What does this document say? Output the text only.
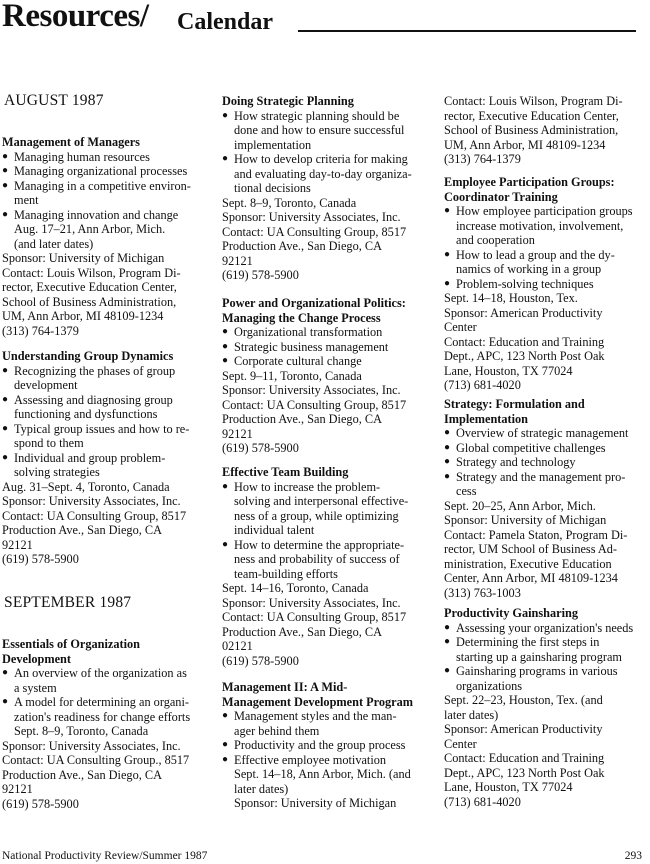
Resources/ Calendar
AUGUST 1987
Management of Managers
● Managing human resources
● Managing organizational processes
● Managing in a competitive environ-
ment
● Managing innovation and change
Aug. 17–21, Ann Arbor, Mich.
(and later dates)
Sponsor: University of Michigan
Contact: Louis Wilson, Program Di-
rector, Executive Education Center,
School of Business Administration,
UM, Ann Arbor, MI 48109-1234
(313) 764-1379
Understanding Group Dynamics
● Recognizing the phases of group
development
● Assessing and diagnosing group
functioning and dysfunctions
● Typical group issues and how to re-
spond to them
● Individual and group problem-
solving strategies
Aug. 31–Sept. 4, Toronto, Canada
Sponsor: University Associates, Inc.
Contact: UA Consulting Group, 8517
Production Ave., San Diego, CA
92121
(619) 578-5900
SEPTEMBER 1987
Essentials of Organization
Development
● An overview of the organization as
a system
● A model for determining an organi-
zation's readiness for change efforts
Sept. 8–9, Toronto, Canada
Sponsor: University Associates, Inc.
Contact: UA Consulting Group., 8517
Production Ave., San Diego, CA
92121
(619) 578-5900
Doing Strategic Planning
● How strategic planning should be
done and how to ensure successful
implementation
● How to develop criteria for making
and evaluating day-to-day organiza-
tional decisions
Sept. 8–9, Toronto, Canada
Sponsor: University Associates, Inc.
Contact: UA Consulting Group, 8517
Production Ave., San Diego, CA
92121
(619) 578-5900
Power and Organizational Politics:
Managing the Change Process
● Organizational transformation
● Strategic business management
● Corporate cultural change
Sept. 9–11, Toronto, Canada
Sponsor: University Associates, Inc.
Contact: UA Consulting Group, 8517
Production Ave., San Diego, CA
92121
(619) 578-5900
Effective Team Building
● How to increase the problem-
solving and interpersonal effective-
ness of a group, while optimizing
individual talent
● How to determine the appropriate-
ness and probability of success of
team-building efforts
Sept. 14–16, Toronto, Canada
Sponsor: University Associates, Inc.
Contact: UA Consulting Group, 8517
Production Ave., San Diego, CA
02121
(619) 578-5900
Management II: A Mid-
Management Development Program
● Management styles and the man-
ager behind them
● Productivity and the group process
● Effective employee motivation
Sept. 14–18, Ann Arbor, Mich. (and
later dates)
Sponsor: University of Michigan
Contact: Louis Wilson, Program Di-
rector, Executive Education Center,
School of Business Administration,
UM, Ann Arbor, MI 48109-1234
(313) 764-1379
Employee Participation Groups:
Coordinator Training
● How employee participation groups
increase motivation, involvement,
and cooperation
● How to lead a group and the dy-
namics of working in a group
● Problem-solving techniques
Sept. 14–18, Houston, Tex.
Sponsor: American Productivity
Center
Contact: Education and Training
Dept., APC, 123 North Post Oak
Lane, Houston, TX 77024
(713) 681-4020
Strategy: Formulation and
Implementation
● Overview of strategic management
● Global competitive challenges
● Strategy and technology
● Strategy and the management pro-
cess
Sept. 20–25, Ann Arbor, Mich.
Sponsor: University of Michigan
Contact: Pamela Staton, Program Di-
rector, UM School of Business Ad-
ministration, Executive Education
Center, Ann Arbor, MI 48109-1234
(313) 763-1003
Productivity Gainsharing
● Assessing your organization's needs
● Determining the first steps in
starting up a gainsharing program
● Gainsharing programs in various
organizations
Sept. 22–23, Houston, Tex. (and
later dates)
Sponsor: American Productivity
Center
Contact: Education and Training
Dept., APC, 123 North Post Oak
Lane, Houston, TX 77024
(713) 681-4020
National Productivity Review/Summer 1987	293
